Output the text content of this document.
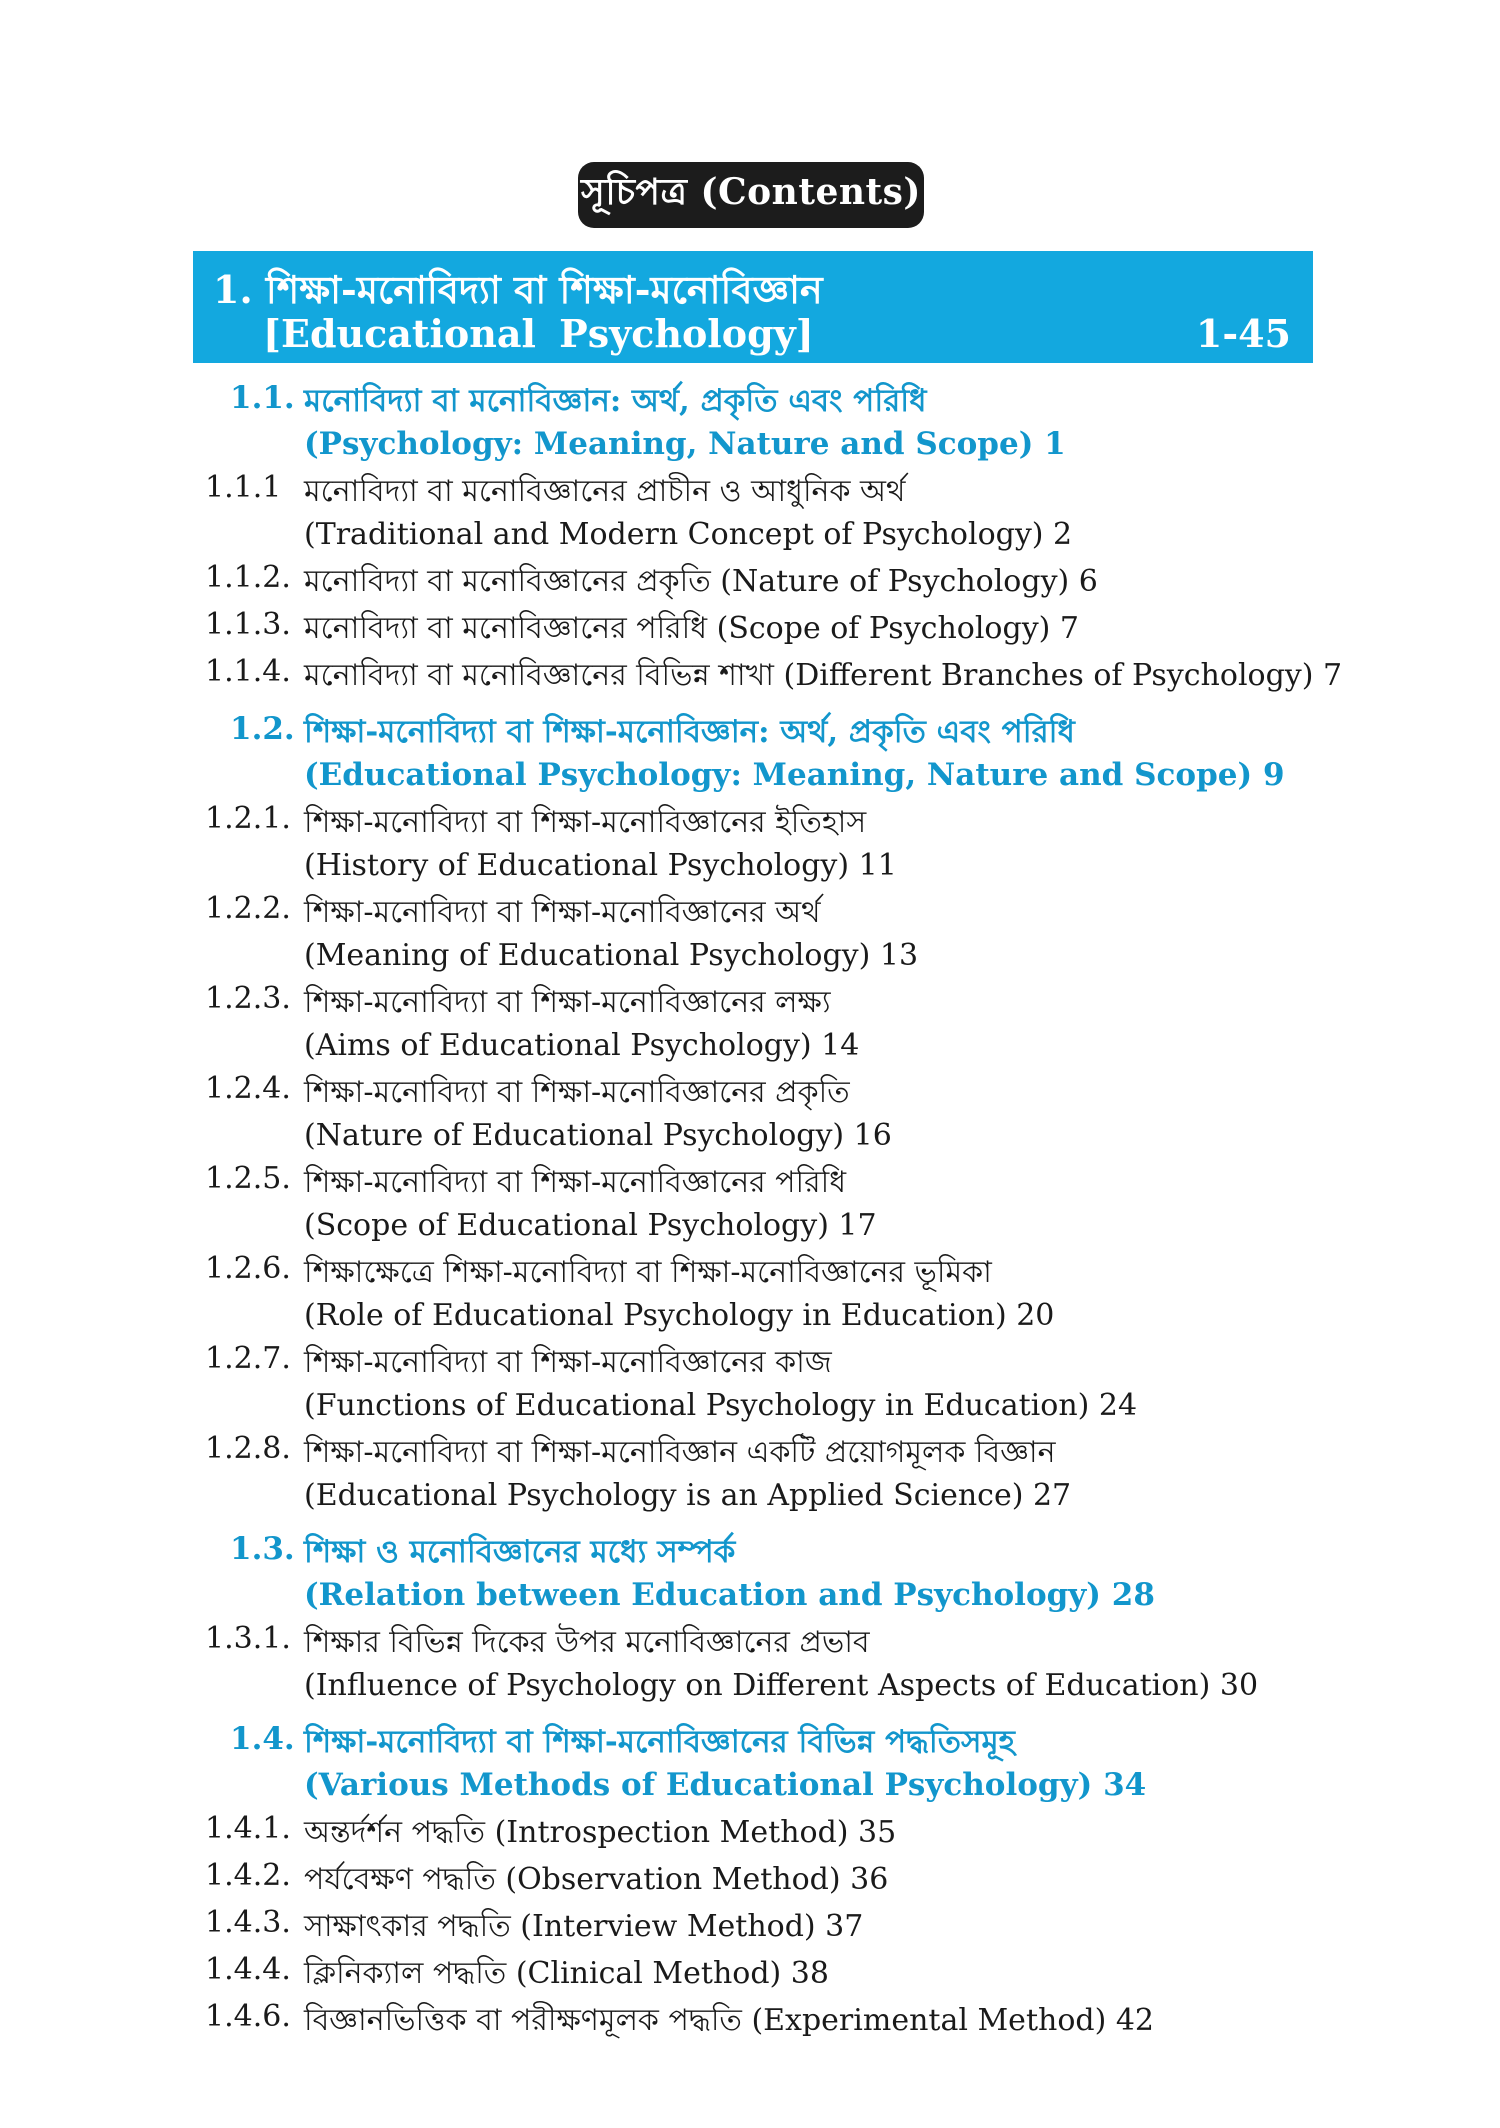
সূচিপত্র (Contents)
1. শিক্ষা-মনোবিদ্যা বা শিক্ষা-মনোবিজ্ঞান
[Educational Psychology]	1-45
1.1. মনোবিদ্যা বা মনোবিজ্ঞান: অর্থ, প্রকৃতি এবং পরিধি
(Psychology: Meaning, Nature and Scope) 1
1.1.1 মনোবিদ্যা বা মনোবিজ্ঞানের প্রাচীন ও আধুনিক অর্থ
(Traditional and Modern Concept of Psychology) 2
1.1.2. মনোবিদ্যা বা মনোবিজ্ঞানের প্রকৃতি (Nature of Psychology) 6
1.1.3. মনোবিদ্যা বা মনোবিজ্ঞানের পরিধি (Scope of Psychology) 7
1.1.4. মনোবিদ্যা বা মনোবিজ্ঞানের বিভিন্ন শাখা (Different Branches of Psychology) 7
1.2. শিক্ষা-মনোবিদ্যা বা শিক্ষা-মনোবিজ্ঞান: অর্থ, প্রকৃতি এবং পরিধি
(Educational Psychology: Meaning, Nature and Scope) 9
1.2.1. শিক্ষা-মনোবিদ্যা বা শিক্ষা-মনোবিজ্ঞানের ইতিহাস
(History of Educational Psychology) 11
1.2.2. শিক্ষা-মনোবিদ্যা বা শিক্ষা-মনোবিজ্ঞানের অর্থ
(Meaning of Educational Psychology) 13
1.2.3. শিক্ষা-মনোবিদ্যা বা শিক্ষা-মনোবিজ্ঞানের লক্ষ্য
(Aims of Educational Psychology) 14
1.2.4. শিক্ষা-মনোবিদ্যা বা শিক্ষা-মনোবিজ্ঞানের প্রকৃতি
(Nature of Educational Psychology) 16
1.2.5. শিক্ষা-মনোবিদ্যা বা শিক্ষা-মনোবিজ্ঞানের পরিধি
(Scope of Educational Psychology) 17
1.2.6. শিক্ষাক্ষেত্রে শিক্ষা-মনোবিদ্যা বা শিক্ষা-মনোবিজ্ঞানের ভূমিকা
(Role of Educational Psychology in Education) 20
1.2.7. শিক্ষা-মনোবিদ্যা বা শিক্ষা-মনোবিজ্ঞানের কাজ
(Functions of Educational Psychology in Education) 24
1.2.8. শিক্ষা-মনোবিদ্যা বা শিক্ষা-মনোবিজ্ঞান একটি প্রয়োগমূলক বিজ্ঞান
(Educational Psychology is an Applied Science) 27
1.3. শিক্ষা ও মনোবিজ্ঞানের মধ্যে সম্পর্ক
(Relation between Education and Psychology) 28
1.3.1. শিক্ষার বিভিন্ন দিকের উপর মনোবিজ্ঞানের প্রভাব
(Influence of Psychology on Different Aspects of Education) 30
1.4. শিক্ষা-মনোবিদ্যা বা শিক্ষা-মনোবিজ্ঞানের বিভিন্ন পদ্ধতিসমূহ
(Various Methods of Educational Psychology) 34
1.4.1. অন্তর্দর্শন পদ্ধতি (Introspection Method) 35
1.4.2. পর্যবেক্ষণ পদ্ধতি (Observation Method) 36
1.4.3. সাক্ষাৎকার পদ্ধতি (Interview Method) 37
1.4.4. ক্লিনিক্যাল পদ্ধতি (Clinical Method) 38
1.4.6. বিজ্ঞানভিত্তিক বা পরীক্ষণমূলক পদ্ধতি (Experimental Method) 42
